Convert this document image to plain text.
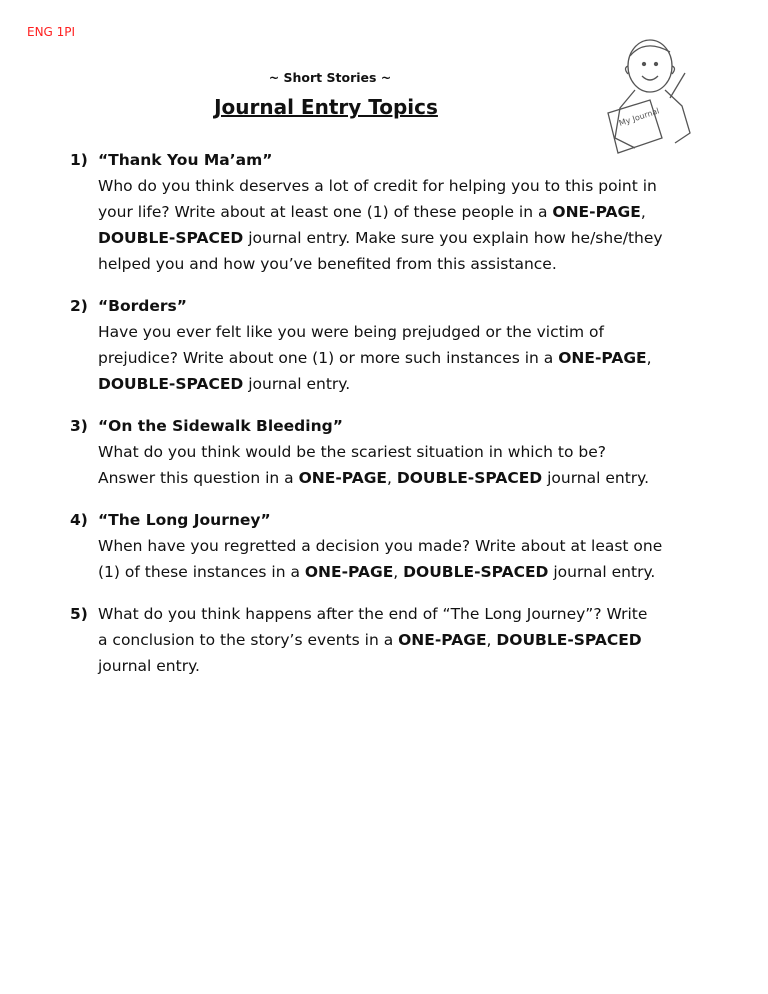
ENG 1PI
~ Short Stories ~
Journal Entry Topics	My Journal
1) “Thank You Ma’am”
Who do you think deserves a lot of credit for helping you to this point in
your life? Write about at least one (1) of these people in a ONE-PAGE,
DOUBLE-SPACED journal entry. Make sure you explain how he/she/they
helped you and how you’ve benefited from this assistance.
2) “Borders”
Have you ever felt like you were being prejudged or the victim of
prejudice? Write about one (1) or more such instances in a ONE-PAGE,
DOUBLE-SPACED journal entry.
3) “On the Sidewalk Bleeding”
What do you think would be the scariest situation in which to be?
Answer this question in a ONE-PAGE, DOUBLE-SPACED journal entry.
4) “The Long Journey”
When have you regretted a decision you made? Write about at least one
(1) of these instances in a ONE-PAGE, DOUBLE-SPACED journal entry.
5) What do you think happens after the end of “The Long Journey”? Write
a conclusion to the story’s events in a ONE-PAGE, DOUBLE-SPACED
journal entry.
